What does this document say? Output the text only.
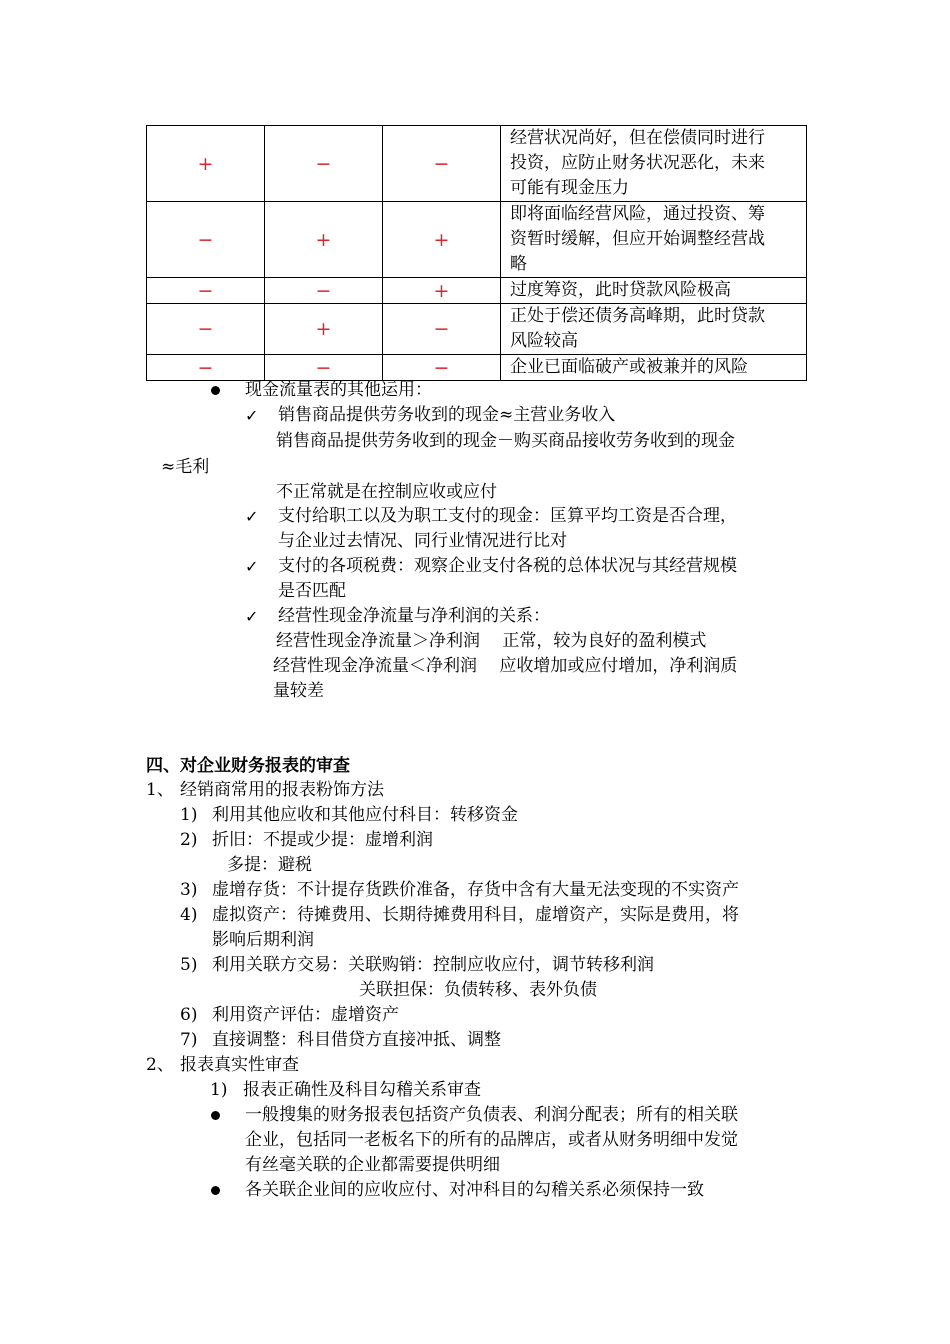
+	−	−	经营状况尚好，但在偿债同时进行
投资，应防止财务状况恶化，未来
可能有现金压力

−	+	+	即将面临经营风险，通过投资、筹
资暂时缓解，但应开始调整经营战
略

−	−	+	过度筹资，此时贷款风险极高

−	+	−	正处于偿还债务高峰期，此时贷款
风险较高

−	−	−	企业已面临破产或被兼并的风险
现金流量表的其他运用：
✓ 销售商品提供劳务收到的现金≈主营业务收入
销售商品提供劳务收到的现金－购买商品接收劳务收到的现金
≈毛利
不正常就是在控制应收或应付
✓ 支付给职工以及为职工支付的现金：匡算平均工资是否合理，
与企业过去情况、同行业情况进行比对
✓ 支付的各项税费：观察企业支付各税的总体状况与其经营规模
是否匹配
✓ 经营性现金净流量与净利润的关系：
经营性现金净流量＞净利润　 正常，较为良好的盈利模式
经营性现金净流量＜净利润　 应收增加或应付增加，净利润质
量较差
四、对企业财务报表的审查
1、 经销商常用的报表粉饰方法
1) 利用其他应收和其他应付科目：转移资金
2) 折旧：不提或少提：虚增利润
多提：避税
3) 虚增存货：不计提存货跌价准备，存货中含有大量无法变现的不实资产
4) 虚拟资产：待摊费用、长期待摊费用科目，虚增资产，实际是费用，将
影响后期利润
5) 利用关联方交易：关联购销：控制应收应付，调节转移利润
关联担保：负债转移、表外负债
6) 利用资产评估：虚增资产
7) 直接调整：科目借贷方直接冲抵、调整
2、 报表真实性审查
1) 报表正确性及科目勾稽关系审查
一般搜集的财务报表包括资产负债表、利润分配表；所有的相关联
企业，包括同一老板名下的所有的品牌店，或者从财务明细中发觉
有丝毫关联的企业都需要提供明细
各关联企业间的应收应付、对冲科目的勾稽关系必须保持一致
